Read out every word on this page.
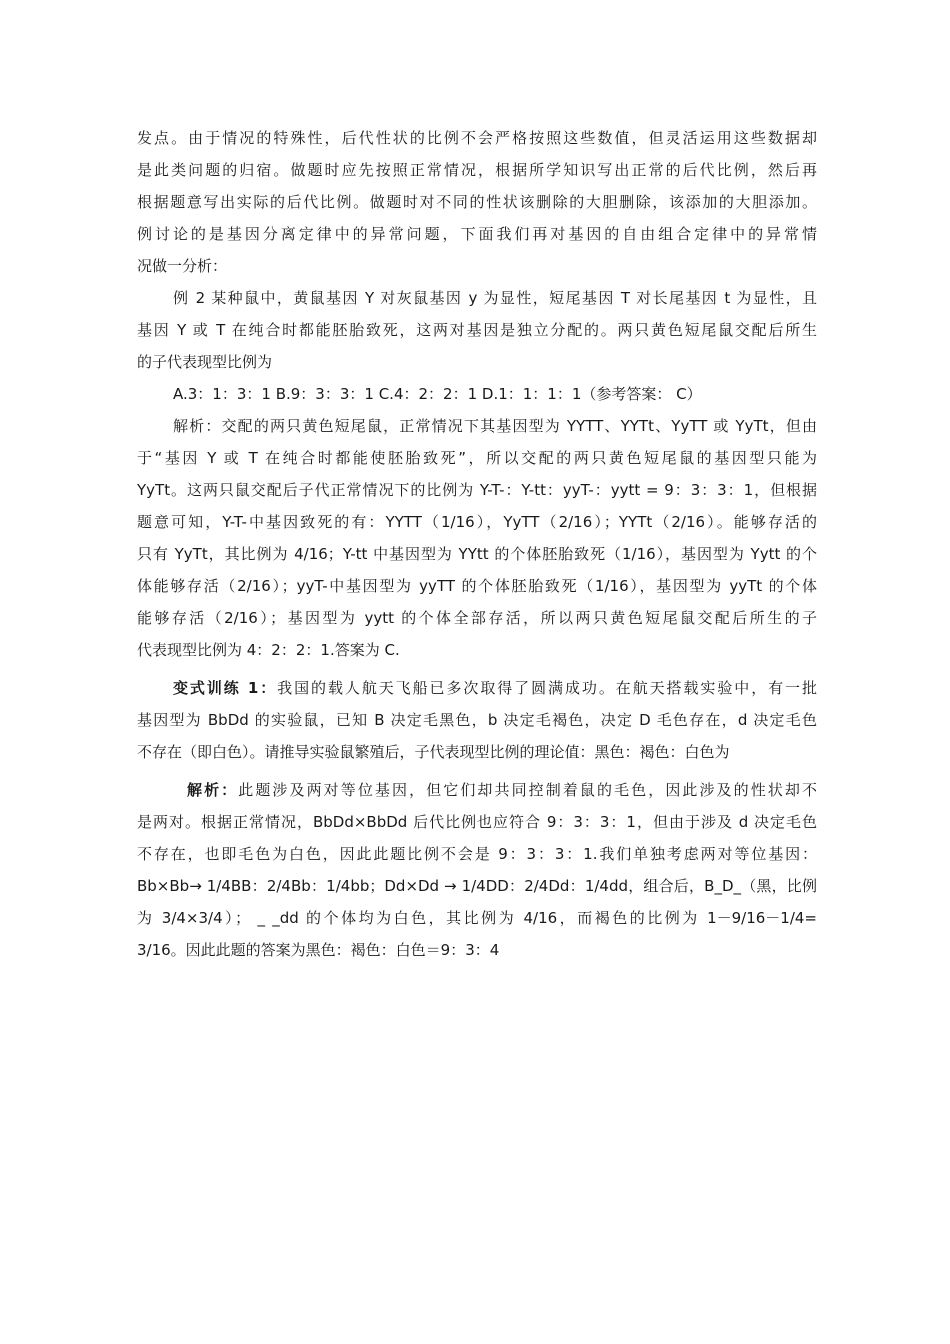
发点。由于情况的特殊性，后代性状的比例不会严格按照这些数值，但灵活运用这些数据却
是此类问题的归宿。做题时应先按照正常情况，根据所学知识写出正常的后代比例，然后再
根据题意写出实际的后代比例。做题时对不同的性状该删除的大胆删除，该添加的大胆添加。
例讨论的是基因分离定律中的异常问题，下面我们再对基因的自由组合定律中的异常情
况做一分析：
例 2 某种鼠中，黄鼠基因 Y 对灰鼠基因 y 为显性，短尾基因 T 对长尾基因 t 为显性，且
基因 Y 或 T 在纯合时都能胚胎致死，这两对基因是独立分配的。两只黄色短尾鼠交配后所生
的子代表现型比例为
A.3：1：3：1 B.9：3：3：1 C.4：2：2：1 D.1：1：1：1（参考答案： C）
解析：交配的两只黄色短尾鼠，正常情况下其基因型为 YYTT、YYTt、YyTT 或 YyTt，但由
于“基因 Y 或 T 在纯合时都能使胚胎致死”，所以交配的两只黄色短尾鼠的基因型只能为
YyTt。这两只鼠交配后子代正常情况下的比例为 Y-T-：Y-tt：yyT-：yytt = 9：3：3：1，但根据
题意可知，Y-T-中基因致死的有：YYTT（1/16），YyTT（2/16）；YYTt（2/16）。能够存活的
只有 YyTt，其比例为 4/16；Y-tt 中基因型为 YYtt 的个体胚胎致死（1/16），基因型为 Yytt 的个
体能够存活（2/16）；yyT-中基因型为 yyTT 的个体胚胎致死（1/16），基因型为 yyTt 的个体
能够存活（2/16）；基因型为 yytt 的个体全部存活，所以两只黄色短尾鼠交配后所生的子
代表现型比例为 4：2：2：1.答案为 C.
变式训练 1：我国的载人航天飞船已多次取得了圆满成功。在航天搭载实验中，有一批
基因型为 BbDd 的实验鼠，已知 B 决定毛黑色，b 决定毛褐色，决定 D 毛色存在，d 决定毛色
不存在（即白色）。请推导实验鼠繁殖后，子代表现型比例的理论值：黑色：褐色：白色为
解析：此题涉及两对等位基因，但它们却共同控制着鼠的毛色，因此涉及的性状却不
是两对。根据正常情况，BbDd×BbDd 后代比例也应符合 9：3：3：1，但由于涉及 d 决定毛色
不存在，也即毛色为白色，因此此题比例不会是 9：3：3：1.我们单独考虑两对等位基因：
Bb×Bb→ 1/4BB：2/4Bb：1/4bb；Dd×Dd → 1/4DD：2/4Dd：1/4dd，组合后，B_D_（黑，比例
为 3/4×3/4）； _ _dd 的个体均为白色，其比例为 4/16，而褐色的比例为 1－9/16－1/4=
3/16。因此此题的答案为黑色：褐色：白色＝9：3：4
